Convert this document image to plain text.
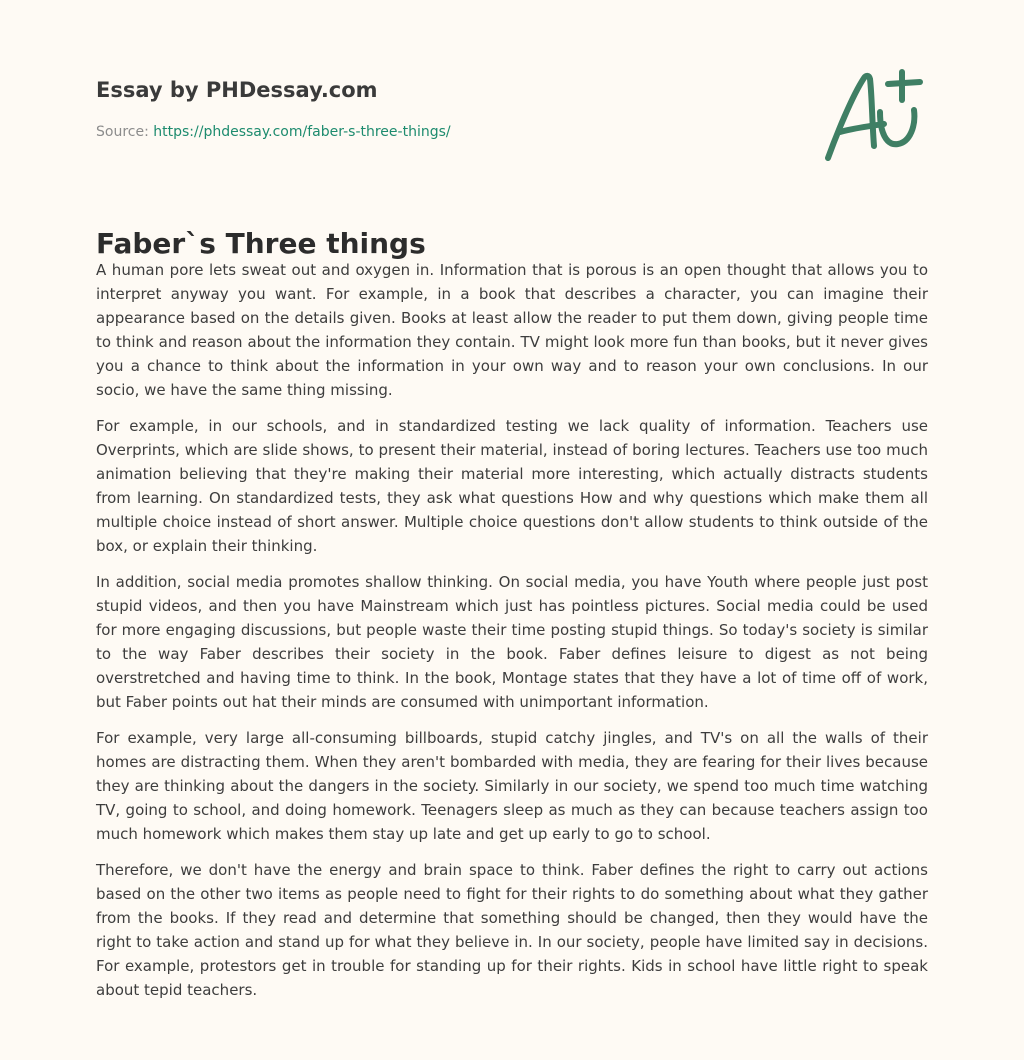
Essay by PHDessay.com
Source: https://phdessay.com/faber-s-three-things/
Faber`s Three things

A human pore lets sweat out and oxygen in. Information that is porous is an open thought that allows you to interpret anyway you want. For example, in a book that describes a character, you can imagine their appearance based on the details given. Books at least allow the reader to put them down, giving people time to think and reason about the information they contain. TV might look more fun than books, but it never gives you a chance to think about the information in your own way and to reason your own conclusions. In our socio, we have the same thing missing.

For example, in our schools, and in standardized testing we lack quality of information. Teachers use Overprints, which are slide shows, to present their material, instead of boring lectures. Teachers use too much animation believing that they're making their material more interesting, which actually distracts students from learning. On standardized tests, they ask what questions How and why questions which make them all multiple choice instead of short answer. Multiple choice questions don't allow students to think outside of the box, or explain their thinking.

In addition, social media promotes shallow thinking. On social media, you have Youth where people just post stupid videos, and then you have Mainstream which just has pointless pictures. Social media could be used for more engaging discussions, but people waste their time posting stupid things. So today's society is similar to the way Faber describes their society in the book. Faber defines leisure to digest as not being overstretched and having time to think. In the book, Montage states that they have a lot of time off of work, but Faber points out hat their minds are consumed with unimportant information.

For example, very large all-consuming billboards, stupid catchy jingles, and TV's on all the walls of their homes are distracting them. When they aren't bombarded with media, they are fearing for their lives because they are thinking about the dangers in the society. Similarly in our society, we spend too much time watching TV, going to school, and doing homework. Teenagers sleep as much as they can because teachers assign too much homework which makes them stay up late and get up early to go to school.

Therefore, we don't have the energy and brain space to think. Faber defines the right to carry out actions based on the other two items as people need to fight for their rights to do something about what they gather from the books. If they read and determine that something should be changed, then they would have the right to take action and stand up for what they believe in. In our society, people have limited say in decisions. For example, protestors get in trouble for standing up for their rights. Kids in school have little right to speak about tepid teachers.
